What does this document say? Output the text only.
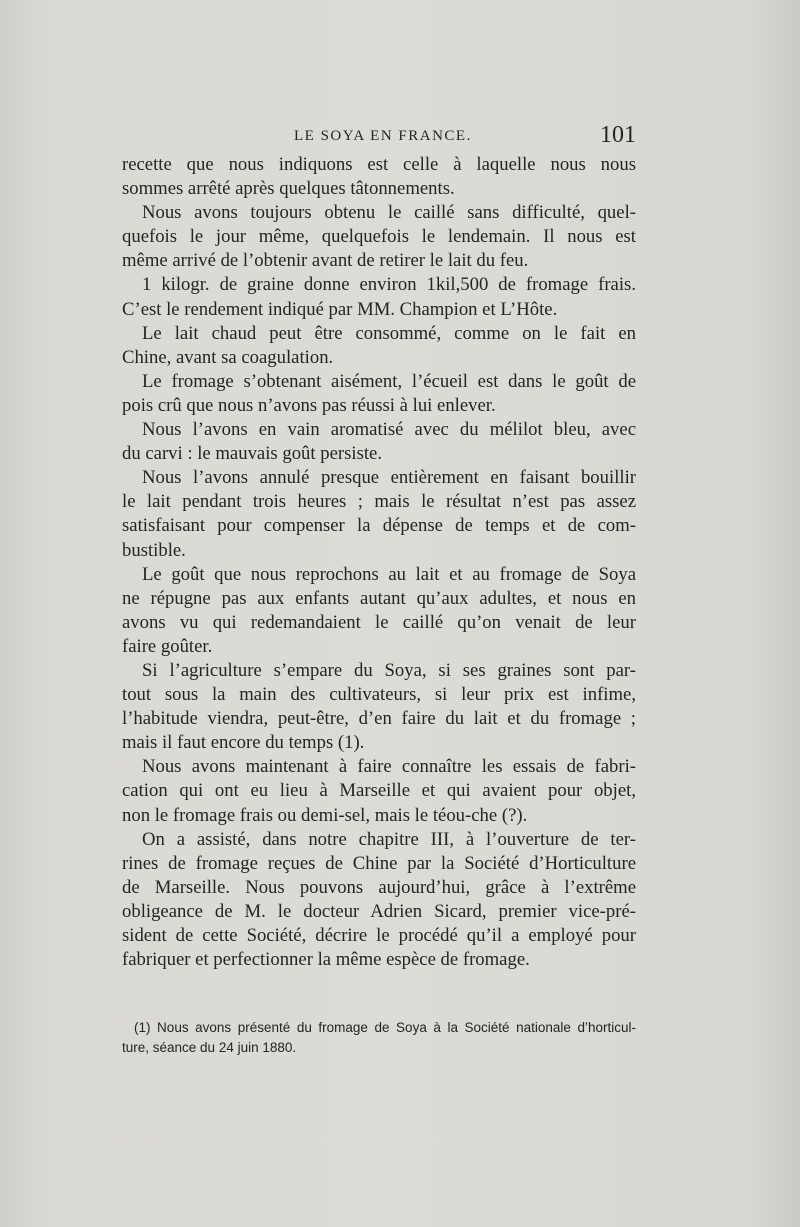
LE SOYA EN FRANCE.	101
recette que nous indiquons est celle à laquelle nous nous
sommes arrêté après quelques tâtonnements.
Nous avons toujours obtenu le caillé sans difficulté, quel-
quefois le jour même, quelquefois le lendemain. Il nous est
même arrivé de l’obtenir avant de retirer le lait du feu.
1 kilogr. de graine donne environ 1kil,500 de fromage frais.
C’est le rendement indiqué par MM. Champion et L’Hôte.
Le lait chaud peut être consommé, comme on le fait en
Chine, avant sa coagulation.
Le fromage s’obtenant aisément, l’écueil est dans le goût de
pois crû que nous n’avons pas réussi à lui enlever.
Nous l’avons en vain aromatisé avec du mélilot bleu, avec
du carvi : le mauvais goût persiste.
Nous l’avons annulé presque entièrement en faisant bouillir
le lait pendant trois heures ; mais le résultat n’est pas assez
satisfaisant pour compenser la dépense de temps et de com-
bustible.
Le goût que nous reprochons au lait et au fromage de Soya
ne répugne pas aux enfants autant qu’aux adultes, et nous en
avons vu qui redemandaient le caillé qu’on venait de leur
faire goûter.
Si l’agriculture s’empare du Soya, si ses graines sont par-
tout sous la main des cultivateurs, si leur prix est infime,
l’habitude viendra, peut-être, d’en faire du lait et du fromage ;
mais il faut encore du temps (1).
Nous avons maintenant à faire connaître les essais de fabri-
cation qui ont eu lieu à Marseille et qui avaient pour objet,
non le fromage frais ou demi-sel, mais le téou-che (?).
On a assisté, dans notre chapitre III, à l’ouverture de ter-
rines de fromage reçues de Chine par la Société d’Horticulture
de Marseille. Nous pouvons aujourd’hui, grâce à l’extrême
obligeance de M. le docteur Adrien Sicard, premier vice-pré-
sident de cette Société, décrire le procédé qu’il a employé pour
fabriquer et perfectionner la même espèce de fromage.
(1) Nous avons présenté du fromage de Soya à la Société nationale d’horticul-
ture, séance du 24 juin 1880.
